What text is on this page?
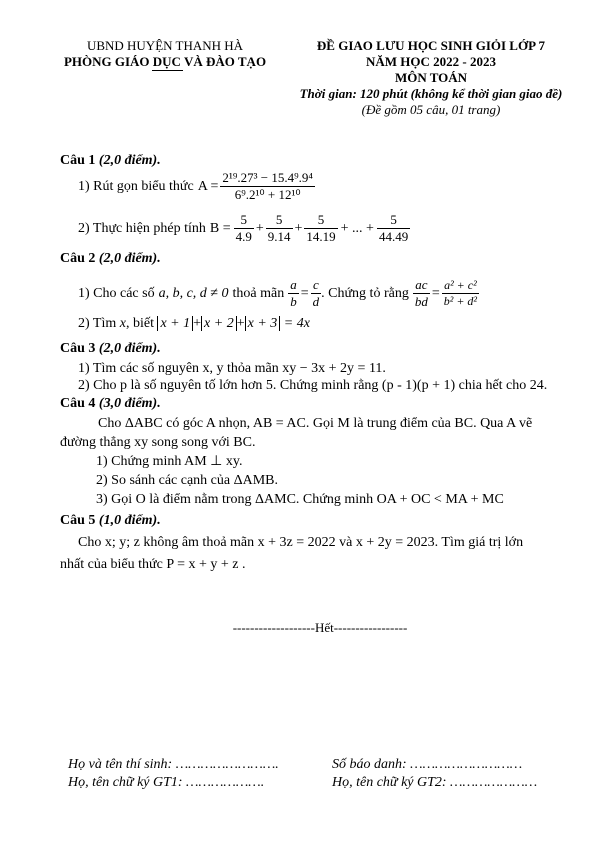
UBND HUYỆN THANH HÀ
PHÒNG GIÁO DỤC VÀ ĐÀO TẠO
ĐỀ GIAO LƯU HỌC SINH GIỎI LỚP 7
NĂM HỌC 2022 - 2023
MÔN TOÁN
Thời gian: 120 phút (không kể thời gian giao đề)
(Đề gồm 05 câu, 01 trang)
Câu 1 (2,0 điểm).
1) Rút gọn biểu thức $A = \frac{\text{2¹⁹.27³ − 15.4⁹.9⁴}}{\text{6⁹.2¹⁰ + 12¹⁰}}$
2) Thực hiện phép tính $B = \frac{5}{4.9} + \frac{5}{9.14} + \frac{5}{14.19}$ + ... + $\frac{5}{44.49}$
Câu 2 (2,0 điểm).
1) Cho các số a, b, c, d ≠ 0 thoả mãn $\frac{a}{b} = \frac{c}{d}$ . Chứng tỏ rằng $\frac{ac}{bd} = \frac{\text{a² + c²}}{\text{b² + d²}}$
2) Tìm x, biết x + 1 + x + 2 + x + 3 = 4x
Câu 3 (2,0 điểm).
1) Tìm các số nguyên x, y thỏa mãn xy − 3x + 2y = 11.
2) Cho p là số nguyên tố lớn hơn 5. Chứng minh rằng (p - 1)(p + 1) chia hết cho 24.
Câu 4 (3,0 điểm).
Cho ΔABC có góc A nhọn, AB = AC. Gọi M là trung điểm của BC. Qua A vẽ
đường thẳng xy song song với BC.
1) Chứng minh AM ⊥ xy.
2) So sánh các cạnh của ΔAMB.
3) Gọi O là điểm nằm trong ΔAMC. Chứng minh OA + OC < MA + MC
Câu 5 (1,0 điểm).
Cho x; y; z không âm thoả mãn x + 3z = 2022 và x + 2y = 2023. Tìm giá trị lớn
nhất của biểu thức P = x + y + z .
-------------------Hết-----------------
Họ và tên thí sinh: …………………….	Số báo danh: ………………………
Họ, tên chữ ký GT1: ……………….	Họ, tên chữ ký GT2: …………………
